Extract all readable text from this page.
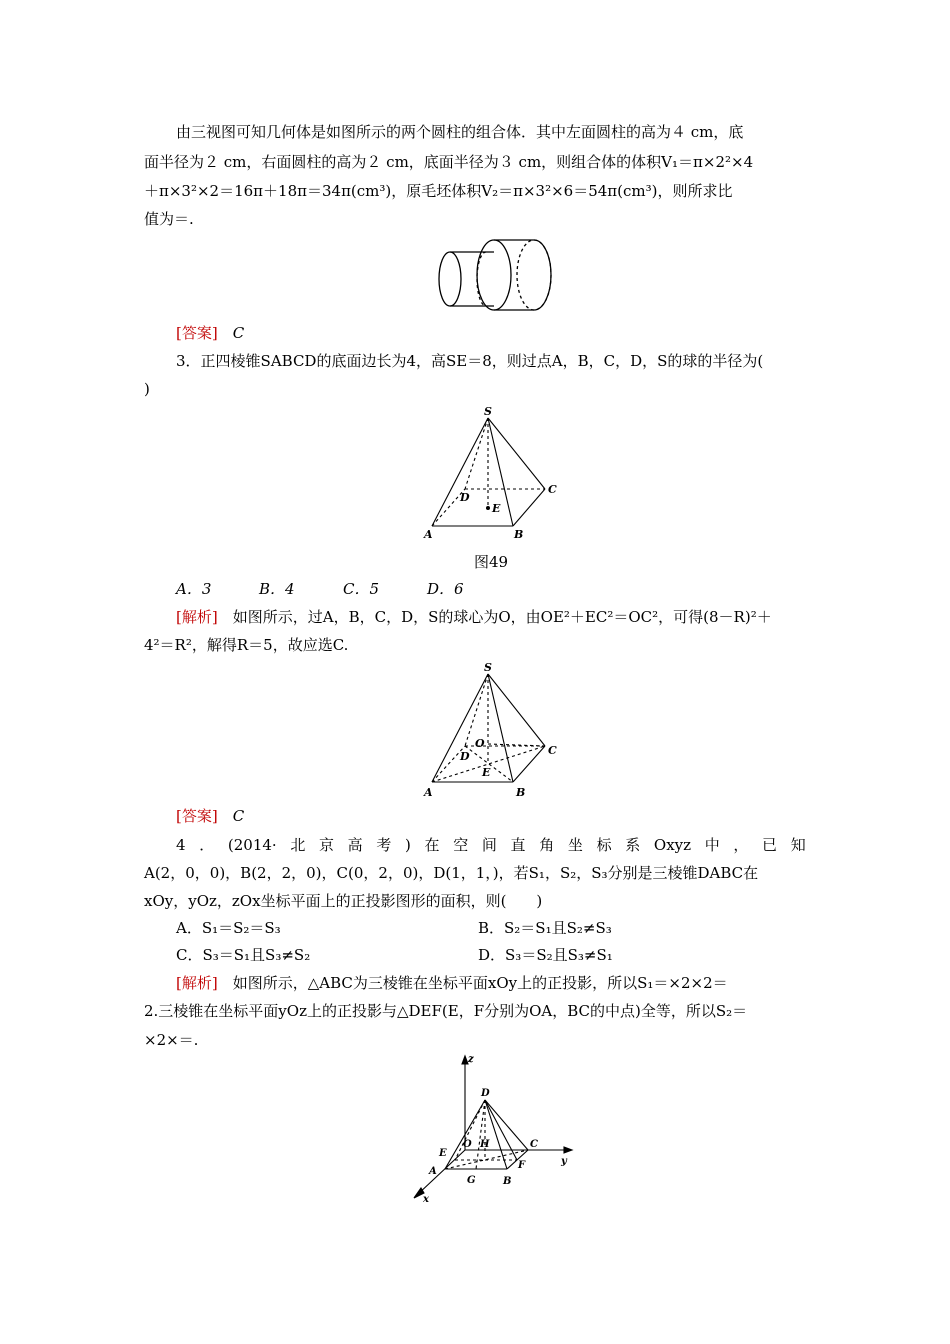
由三视图可知几何体是如图所示的两个圆柱的组合体．其中左面圆柱的高为４ cm，底
面半径为２ cm，右面圆柱的高为２ cm，底面半径为３ cm，则组合体的体积V₁＝π×2²×4
＋π×3²×2＝16π＋18π＝34π(cm³)，原毛坯体积V₂＝π×3²×6＝54π(cm³)，则所求比
值为＝.
[答案]　 C
3．正四棱锥SABCD的底面边长为4，高SE＝8，则过点A，B，C，D，S的球的半径为(
)
S
D
C
E
A	B
图49
A．3	B．4	C．5	D．6
[解析]　 如图所示，过A，B，C，D，S的球心为O，由OE²＋EC²＝OC²，可得(8－R)²＋
4²＝R²，解得R＝5，故应选C.
S
O
C
D
E
A	B
[答案]　 C
4 ． (2014· 北 京 高 考 ) 在 空 间 直 角 坐 标 系 Oxyz 中 ， 已 知
A(2，0，0)，B(2，2，0)，C(0，2，0)，D(1，1，)，若S₁，S₂，S₃分别是三棱锥DABC在
xOy，yOz，zOx坐标平面上的正投影图形的面积，则(　　)
A．S₁＝S₂＝S₃	B．S₂＝S₁且S₂≠S₃
C．S₃＝S₁且S₃≠S₂	D．S₃＝S₂且S₃≠S₁
[解析]　 如图所示，△ABC为三棱锥在坐标平面xOy上的正投影，所以S₁＝×2×2＝
2.三棱锥在坐标平面yOz上的正投影与△DEF(E，F分别为OA，BC的中点)全等，所以S₂＝
×2×＝.
z
D
E
O H	C
y
A
F
G	B
x
